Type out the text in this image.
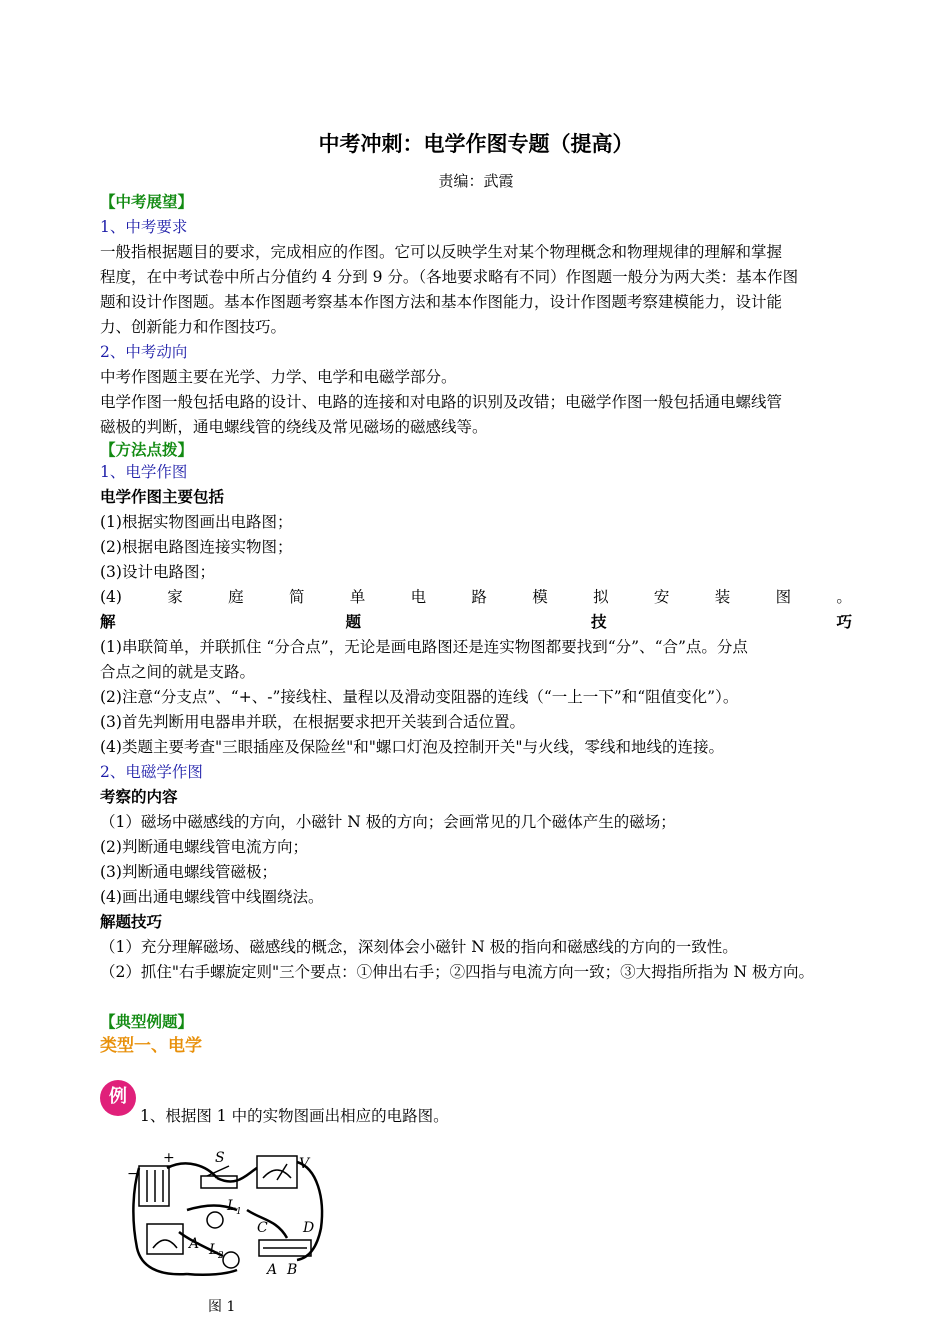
中考冲刺：电学作图专题（提高）
责编：武霞
【中考展望】
1、中考要求
一般指根据题目的要求，完成相应的作图。它可以反映学生对某个物理概念和物理规律的理解和掌握
程度，在中考试卷中所占分值约 4 分到 9 分。（各地要求略有不同）作图题一般分为两大类：基本作图
题和设计作图题。基本作图题考察基本作图方法和基本作图能力，设计作图题考察建模能力，设计能
力、创新能力和作图技巧。
2、中考动向
中考作图题主要在光学、力学、电学和电磁学部分。
电学作图一般包括电路的设计、电路的连接和对电路的识别及改错；电磁学作图一般包括通电螺线管
磁极的判断，通电螺线管的绕线及常见磁场的磁感线等。
【方法点拨】
1、电学作图
电学作图主要包括
(1)根据实物图画出电路图；
(2)根据电路图连接实物图；
(3)设计电路图；
(4)	家	庭	简	单	电	路	模	拟	安	装	图	。
解	题	技	巧
(1)串联简单，并联抓住 “分合点”，无论是画电路图还是连实物图都要找到“分”、“合”点。分点
合点之间的就是支路。
(2)注意“分支点”、“+、-”接线柱、量程以及滑动变阻器的连线（“一上一下”和“阻值变化”）。
(3)首先判断用电器串并联，在根据要求把开关装到合适位置。
(4)类题主要考查"三眼插座及保险丝"和"螺口灯泡及控制开关"与火线，零线和地线的连接。
2、电磁学作图
考察的内容
（1）磁场中磁感线的方向，小磁针 N 极的方向；会画常见的几个磁体产生的磁场；
(2)判断通电螺线管电流方向；
(3)判断通电螺线管磁极；
(4)画出通电螺线管中线圈绕法。
解题技巧
（1）充分理解磁场、磁感线的概念，深刻体会小磁针 N 极的指向和磁感线的方向的一致性。
（2）抓住"右手螺旋定则"三个要点：①伸出右手；②四指与电流方向一致；③大拇指所指为 N 极方向。
【典型例题】
类型一、电学
例
1、根据图 1 中的实物图画出相应的电路图。
−
+	S	V
L 1
C	D
A L 2
A B
图 1
